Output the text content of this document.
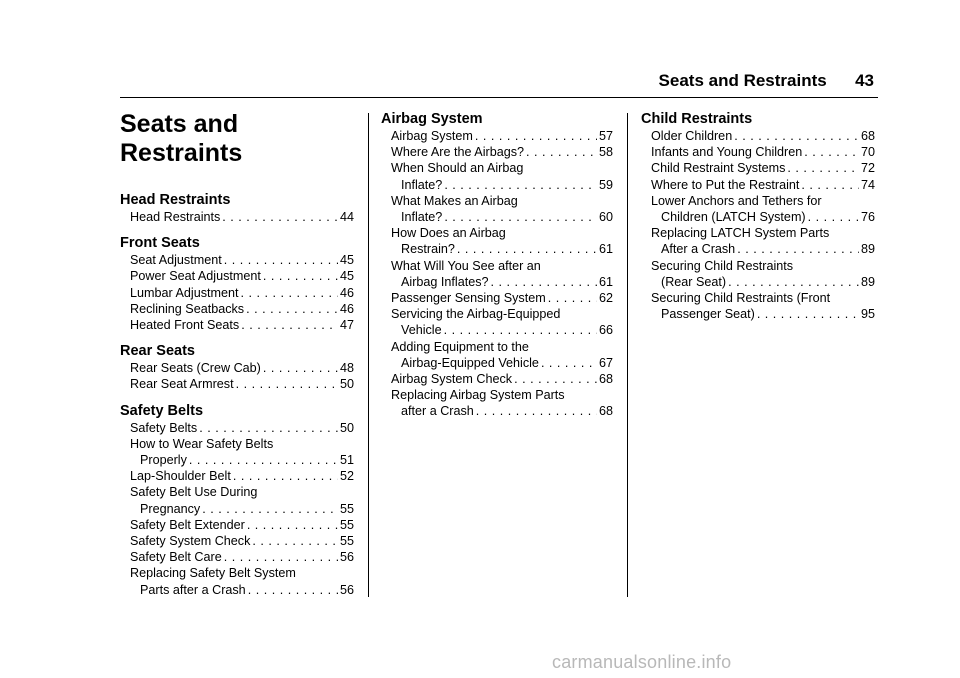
Seats and Restraints 43
Seats and
Restraints
Head Restraints
Head Restraints . . .	44
Front Seats
Seat Adjustment . . .	45
Power Seat Adjustment . . .	45
Lumbar Adjustment . . .	46
Reclining Seatbacks . . .	46
Heated Front Seats . . .	47
Rear Seats
Rear Seats (Crew Cab) . . .	48
Rear Seat Armrest . . .	50
Safety Belts
Safety Belts . . .	50
How to Wear Safety Belts
Properly . . .	51
Lap-Shoulder Belt . . .	52
Safety Belt Use During
Pregnancy . . .	55
Safety Belt Extender . . .	55
Safety System Check . . .	55
Safety Belt Care . . .	56
Replacing Safety Belt System
Parts after a Crash . . .	56
Airbag System
Airbag System . . .	57
Where Are the Airbags? . . .	58
When Should an Airbag
Inflate? . . .	59
What Makes an Airbag
Inflate? . . .	60
How Does an Airbag
Restrain? . . .	61
What Will You See after an
Airbag Inflates? . . .	61
Passenger Sensing System . . .	62
Servicing the Airbag-Equipped
Vehicle . . .	66
Adding Equipment to the
Airbag-Equipped Vehicle . . .	67
Airbag System Check . . .	68
Replacing Airbag System Parts
after a Crash . . .	68
Child Restraints
Older Children . . .	68
Infants and Young Children . . .	70
Child Restraint Systems . . .	72
Where to Put the Restraint . . .	74
Lower Anchors and Tethers for
Children (LATCH System) . . .	76
Replacing LATCH System Parts
After a Crash . . .	89
Securing Child Restraints
(Rear Seat) . . .	89
Securing Child Restraints (Front
Passenger Seat) . . .	95
carmanualsonline.info
